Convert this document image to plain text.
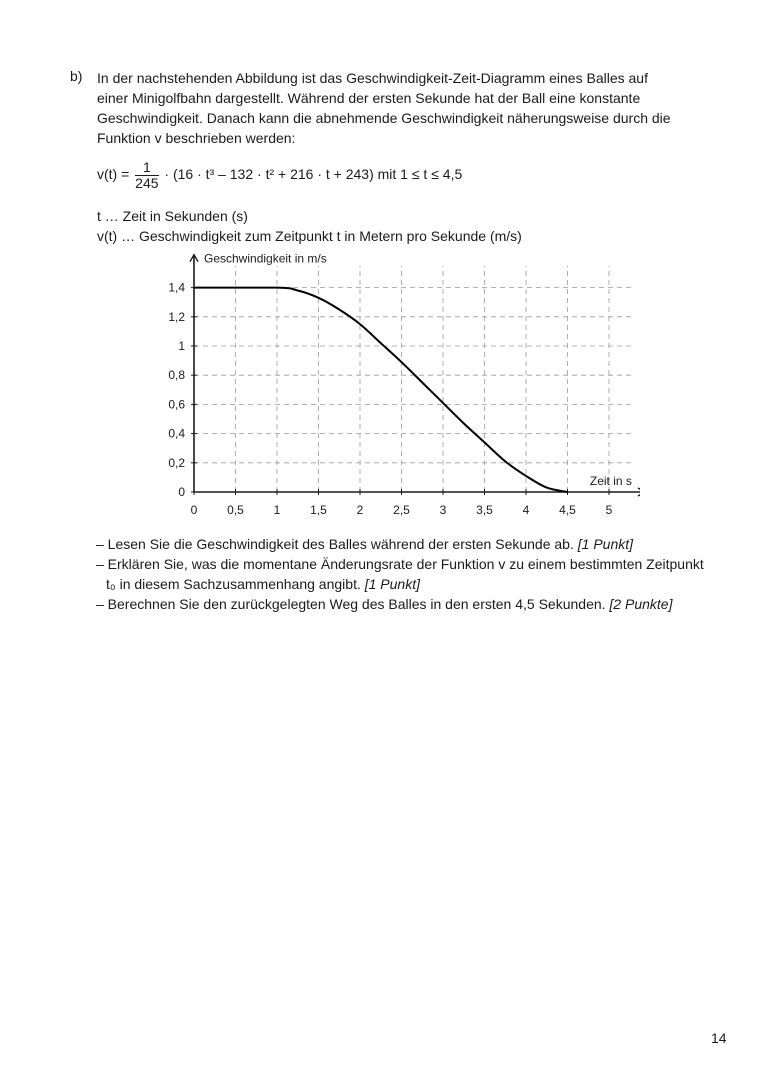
b) In der nachstehenden Abbildung ist das Geschwindigkeit-Zeit-Diagramm eines Balles auf
einer Minigolfbahn dargestellt. Während der ersten Sekunde hat der Ball eine konstante
Geschwindigkeit. Danach kann die abnehmende Geschwindigkeit näherungsweise durch die
Funktion v beschrieben werden:
$v(t) = \frac{1}{245} \cdot (16 \cdot t^3 - 132 \cdot t^2 + 216 \cdot t + 243)$ mit 1 ≤ t ≤ 4,5
t … Zeit in Sekunden (s)
v(t) … Geschwindigkeit zum Zeitpunkt t in Metern pro Sekunde (m/s)
0 0,5 1 1,5 2 2,5 3 3,5 4 4,5 5
0
0,2
0,4
0,6
0,8
1
1,2
1,4
Geschwindigkeit in m/s
Zeit in s
– Lesen Sie die Geschwindigkeit des Balles während der ersten Sekunde ab. [1 Punkt]
– Erklären Sie, was die momentane Änderungsrate der Funktion v zu einem bestimmten Zeitpunkt t₀ in diesem Sachzusammenhang angibt. [1 Punkt]
– Berechnen Sie den zurückgelegten Weg des Balles in den ersten 4,5 Sekunden. [2 Punkte]
14
